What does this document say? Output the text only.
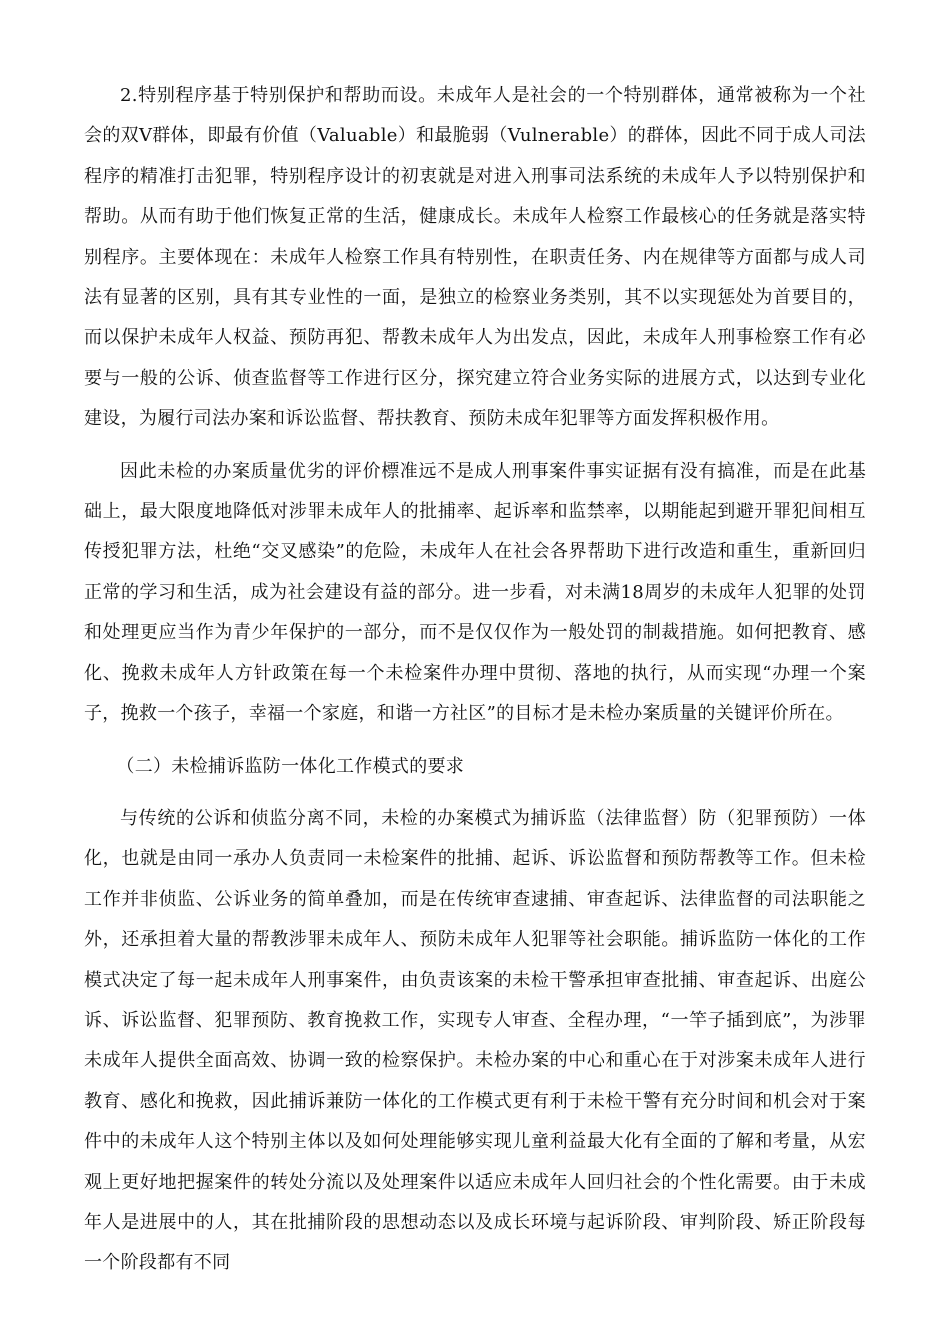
2.特别程序基于特别保护和帮助而设。未成年人是社会的一个特别群体，通常被称为一个社会的双V群体，即最有价值（Valuable）和最脆弱（Vulnerable）的群体，因此不同于成人司法程序的精准打击犯罪，特别程序设计的初衷就是对进入刑事司法系统的未成年人予以特别保护和帮助。从而有助于他们恢复正常的生活，健康成长。未成年人检察工作最核心的任务就是落实特别程序。主要体现在：未成年人检察工作具有特别性，在职责任务、内在规律等方面都与成人司法有显著的区别，具有其专业性的一面，是独立的检察业务类别，其不以实现惩处为首要目的，而以保护未成年人权益、预防再犯、帮教未成年人为出发点，因此，未成年人刑事检察工作有必要与一般的公诉、侦查监督等工作进行区分，探究建立符合业务实际的进展方式，以达到专业化建设，为履行司法办案和诉讼监督、帮扶教育、预防未成年犯罪等方面发挥积极作用。

因此未检的办案质量优劣的评价標准远不是成人刑事案件事实证据有没有搞准，而是在此基础上，最大限度地降低对涉罪未成年人的批捕率、起诉率和监禁率，以期能起到避开罪犯间相互传授犯罪方法，杜绝“交叉感染”的危险，未成年人在社会各界帮助下进行改造和重生，重新回归正常的学习和生活，成为社会建设有益的部分。进一步看，对未满18周岁的未成年人犯罪的处罚和处理更应当作为青少年保护的一部分，而不是仅仅作为一般处罚的制裁措施。如何把教育、感化、挽救未成年人方针政策在每一个未检案件办理中贯彻、落地的执行，从而实现“办理一个案子，挽救一个孩子，幸福一个家庭，和谐一方社区”的目标才是未检办案质量的关键评价所在。

（二）未检捕诉监防一体化工作模式的要求

与传统的公诉和侦监分离不同，未检的办案模式为捕诉监（法律监督）防（犯罪预防）一体化，也就是由同一承办人负责同一未检案件的批捕、起诉、诉讼监督和预防帮教等工作。但未检工作并非侦监、公诉业务的简单叠加，而是在传统审查逮捕、审查起诉、法律监督的司法职能之外，还承担着大量的帮教涉罪未成年人、预防未成年人犯罪等社会职能。捕诉监防一体化的工作模式决定了每一起未成年人刑事案件，由负责该案的未检干警承担审查批捕、审查起诉、出庭公诉、诉讼监督、犯罪预防、教育挽救工作，实现专人审查、全程办理，“一竿子插到底”，为涉罪未成年人提供全面高效、协调一致的检察保护。未检办案的中心和重心在于对涉案未成年人进行教育、感化和挽救，因此捕诉兼防一体化的工作模式更有利于未检干警有充分时间和机会对于案件中的未成年人这个特别主体以及如何处理能够实现儿童利益最大化有全面的了解和考量，从宏观上更好地把握案件的转处分流以及处理案件以适应未成年人回归社会的个性化需要。由于未成年人是进展中的人，其在批捕阶段的思想动态以及成长环境与起诉阶段、审判阶段、矫正阶段每一个阶段都有不同
